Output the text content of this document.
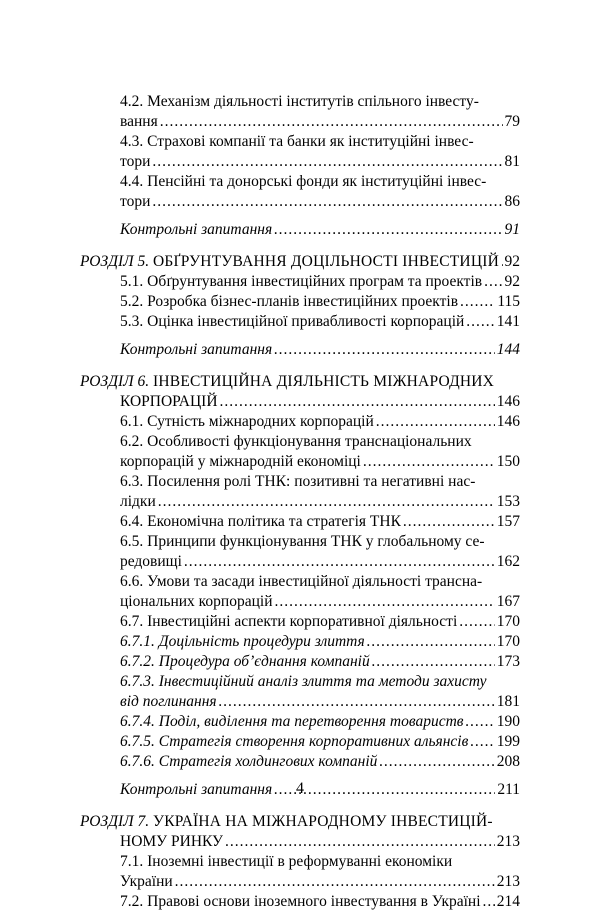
4.2. Механізм діяльності інститутів спільного інвесту-
вання .....	79
4.3. Страхові компанії та банки як інституційні інвес-
тори .....	81
4.4. Пенсійні та донорські фонди як інституційні інвес-
тори .....	86
Контрольні запитання .....	91
РОЗДІЛ 5. ОБҐРУНТУВАННЯ ДОЦІЛЬНОСТІ ІНВЕСТИЦІЙ ..... 92
5.1. Обґрунтування інвестиційних програм та проектів ..... 92
5.2. Розробка бізнес-планів інвестиційних проектів .....	115
5.3. Оцінка інвестиційної привабливості корпорацій ..... 141
Контрольні запитання .....	144
РОЗДІЛ 6. ІНВЕСТИЦІЙНА ДІЯЛЬНІСТЬ МІЖНАРОДНИХ
КОРПОРАЦІЙ .....	146
6.1. Сутність міжнародних корпорацій .....	146
6.2. Особливості функціонування транснаціональних
корпорацій у міжнародній економіці .....	150
6.3. Посилення ролі ТНК: позитивні та негативні нас-
лідки .....	153
6.4. Економічна політика та стратегія ТНК .....	157
6.5. Принципи функціонування ТНК у глобальному се-
редовищі .....	162
6.6. Умови та засади інвестиційної діяльності трансна-
ціональних корпорацій .....	167
6.7. Інвестиційні аспекти корпоративної діяльності .....	170
6.7.1. Доцільність процедури злиття .....	170
6.7.2. Процедура об’єднання компаній .....	173
6.7.3. Інвестиційний аналіз злиття та методи захисту
від поглинання .....	181
6.7.4. Поділ, виділення та перетворення товариств ..... 190
6.7.5. Стратегія створення корпоративних альянсів ..... 199
6.7.6. Стратегія холдингових компаній .....	208
Контрольні запитання .....	211
РОЗДІЛ 7. УКРАЇНА НА МІЖНАРОДНОМУ ІНВЕСТИЦІЙ-
НОМУ РИНКУ .....	213
7.1. Іноземні інвестиції в реформуванні економіки
України .....	213
7.2. Правові основи іноземного інвестування в Україні ..... 214
4
